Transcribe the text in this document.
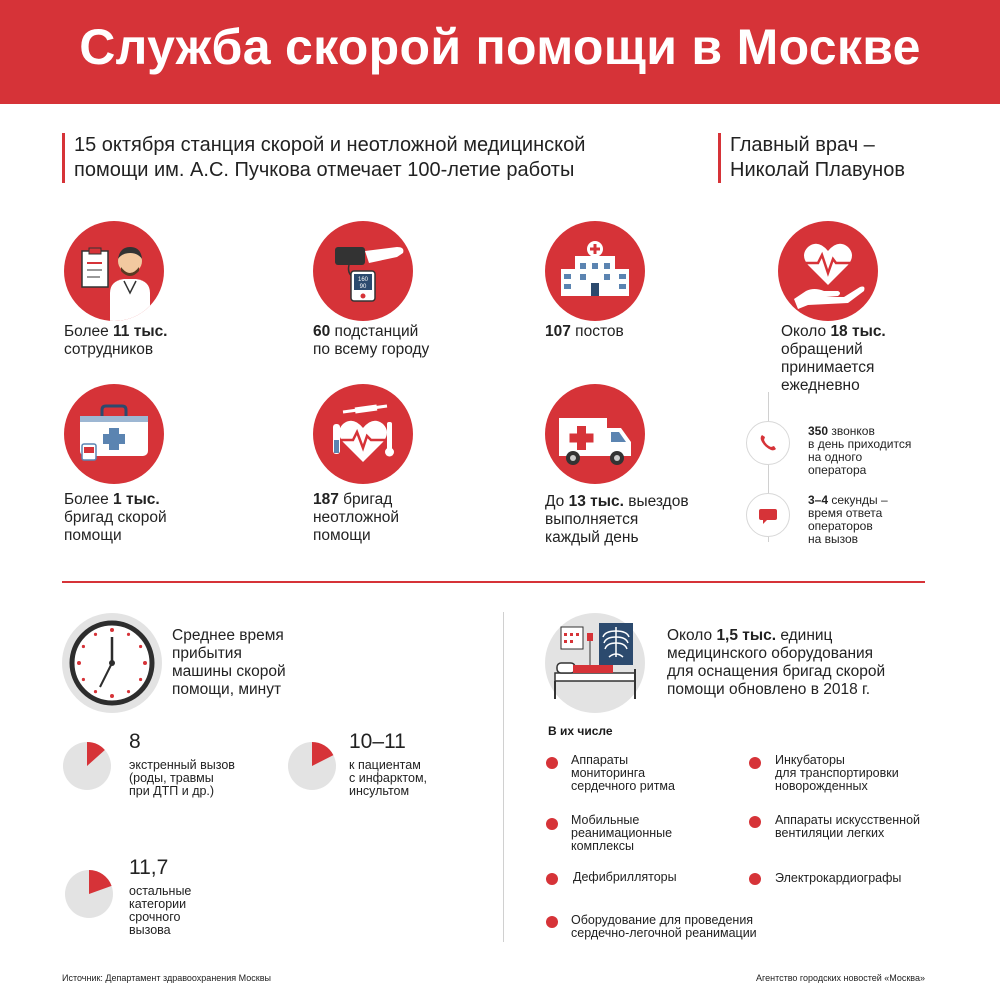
Служба скорой помощи в Москве
15 октября станция скорой и неотложной медицинской
помощи им. А.С. Пучкова отмечает 100-летие работы
Главный врач –
Николай Плавунов
160
90
Более 11 тыс.
сотрудников
60 подстанций
по всему городу
107 постов	Около 18 тыс.
обращений
принимается
ежедневно
Более 1 тыс.
бригад скорой
помощи
187 бригад
неотложной
помощи
До 13 тыс. выездов
выполняется
каждый день
350 звонков
в день приходится
на одного
оператора
3–4 секунды –
время ответа
операторов
на вызов
Среднее время
прибытия
машины скорой
помощи, минут
8
экстренный вызов
(роды, травмы
при ДТП и др.)
10–11
к пациентам
с инфарктом,
инсультом
11,7
остальные
категории
срочного
вызова
Около 1,5 тыс. единиц
медицинского оборудования
для оснащения бригад скорой
помощи обновлено в 2018 г.
В их числе
Аппараты
мониторинга
сердечного ритма
Мобильные
реанимационные
комплексы
Дефибрилляторы
Оборудование для проведения
сердечно-легочной реанимации
Инкубаторы
для транспортировки
новорожденных
Аппараты искусственной
вентиляции легких
Электрокардиографы
Источник: Департамент здравоохранения Москвы	Агентство городских новостей «Москва»
